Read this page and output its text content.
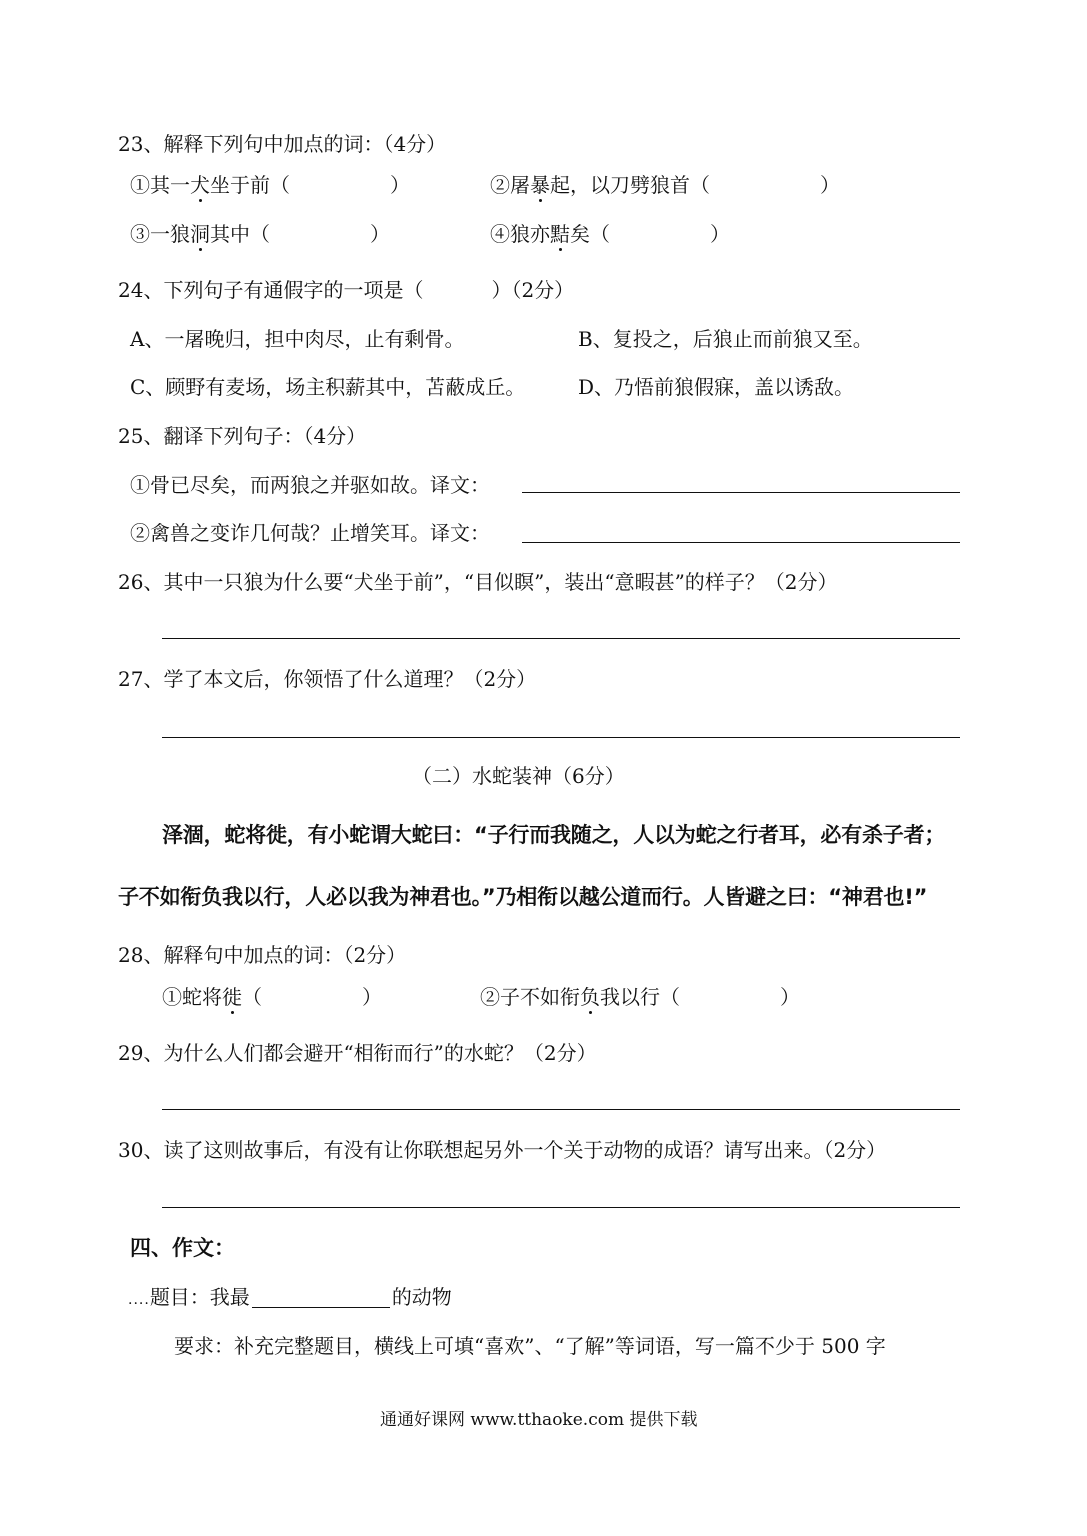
23、解释下列句中加点的词：（4分）
①其一犬坐于前（	）	②屠暴起，以刀劈狼首（	）
③一狼洞其中（	）	④狼亦黠矣（	）
24、下列句子有通假字的一项是（	）（2分）
A、一屠晚归，担中肉尽，止有剩骨。	B、复投之，后狼止而前狼又至。
C、顾野有麦场，场主积薪其中，苫蔽成丘。	D、乃悟前狼假寐，盖以诱敌。
25、翻译下列句子：（4分）
①骨已尽矣，而两狼之并驱如故。译文：
②禽兽之变诈几何哉？止增笑耳。译文：
26、其中一只狼为什么要“犬坐于前”，“目似瞑”，装出“意暇甚”的样子？（2分）
27、学了本文后，你领悟了什么道理？（2分）
（二）水蛇装神（6分）
泽涸，蛇将徙，有小蛇谓大蛇曰：“子行而我随之，人以为蛇之行者耳，必有杀子者；
子不如衔负我以行，人必以我为神君也。”乃相衔以越公道而行。人皆避之曰：“神君也!”
28、解释句中加点的词：（2分）
①蛇将徙（	）	②子不如衔负我以行（	）
29、为什么人们都会避开“相衔而行”的水蛇？（2分）
30、读了这则故事后，有没有让你联想起另外一个关于动物的成语？请写出来。（2分）
四、作文：
....题目：我最	的动物
要求：补充完整题目，横线上可填“喜欢”、“了解”等词语，写一篇不少于 500 字
通通好课网 www.tthaoke.com 提供下载
